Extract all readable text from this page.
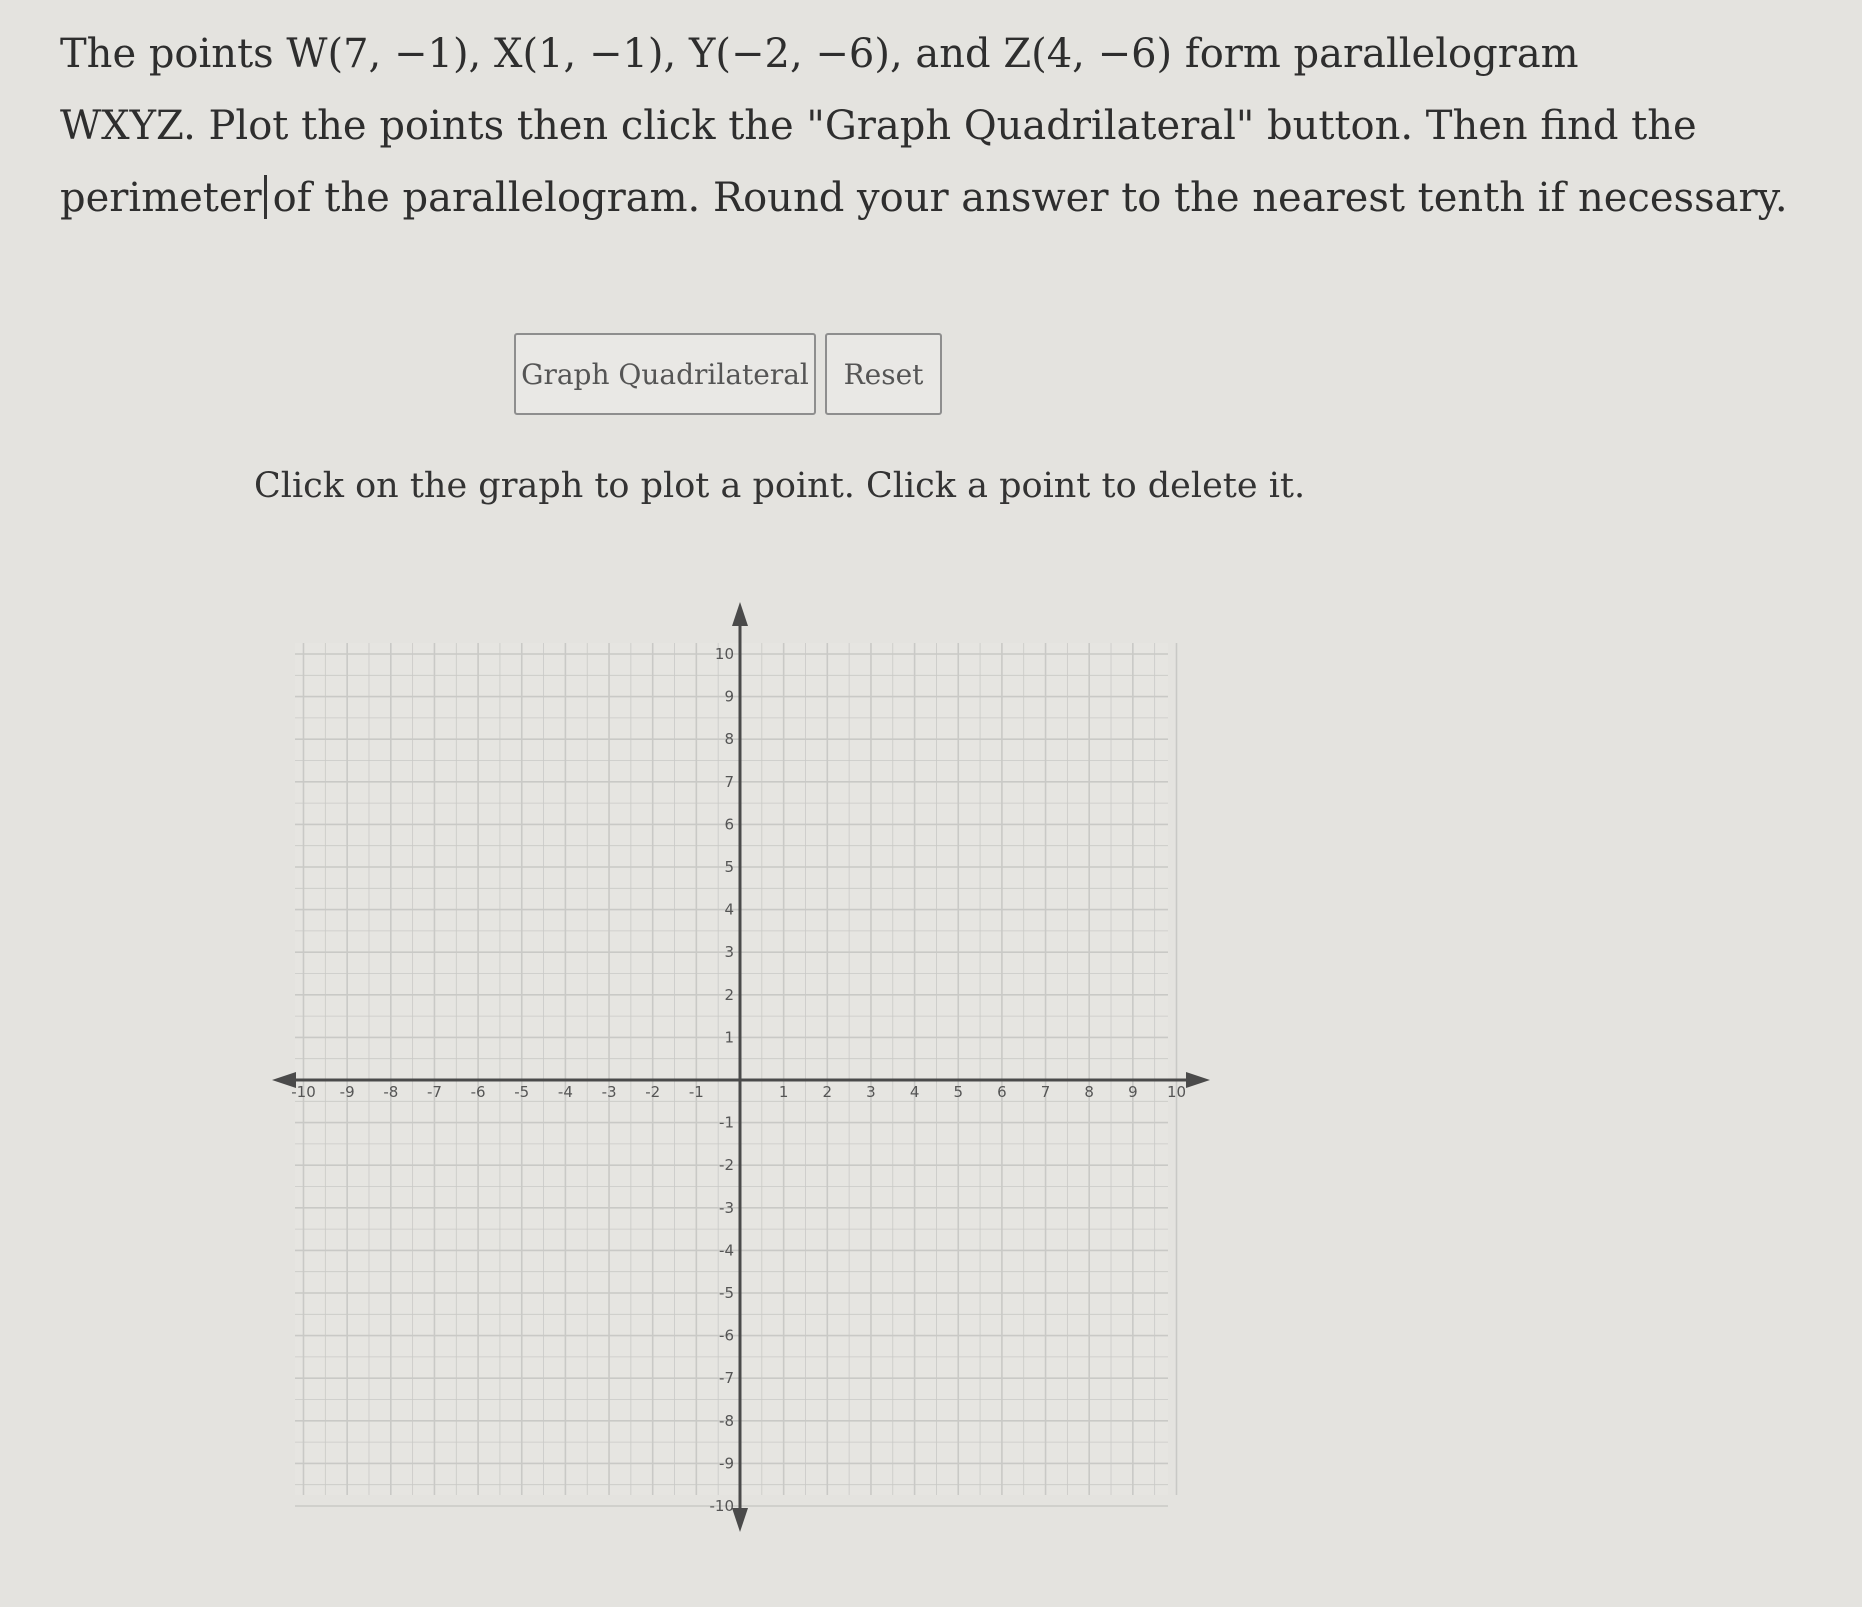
The points W(7, −1), X(1, −1), Y(−2, −6), and Z(4, −6) form parallelogram
WXYZ. Plot the points then click the "Graph Quadrilateral" button. Then find the
perimeter of the parallelogram. Round your answer to the nearest tenth if necessary.
Graph Quadrilateral	Reset
Click on the graph to plot a point. Click a point to delete it.
-10 -9 -8 -7 -6 -5 -4 -3 -2 -1	1 2 3 4 5 6 7 8 9 10
10
9
8
7
6
5
4
3
2
1
-1
-2
-3
-4
-5
-6
-7
-8
-9
-10
